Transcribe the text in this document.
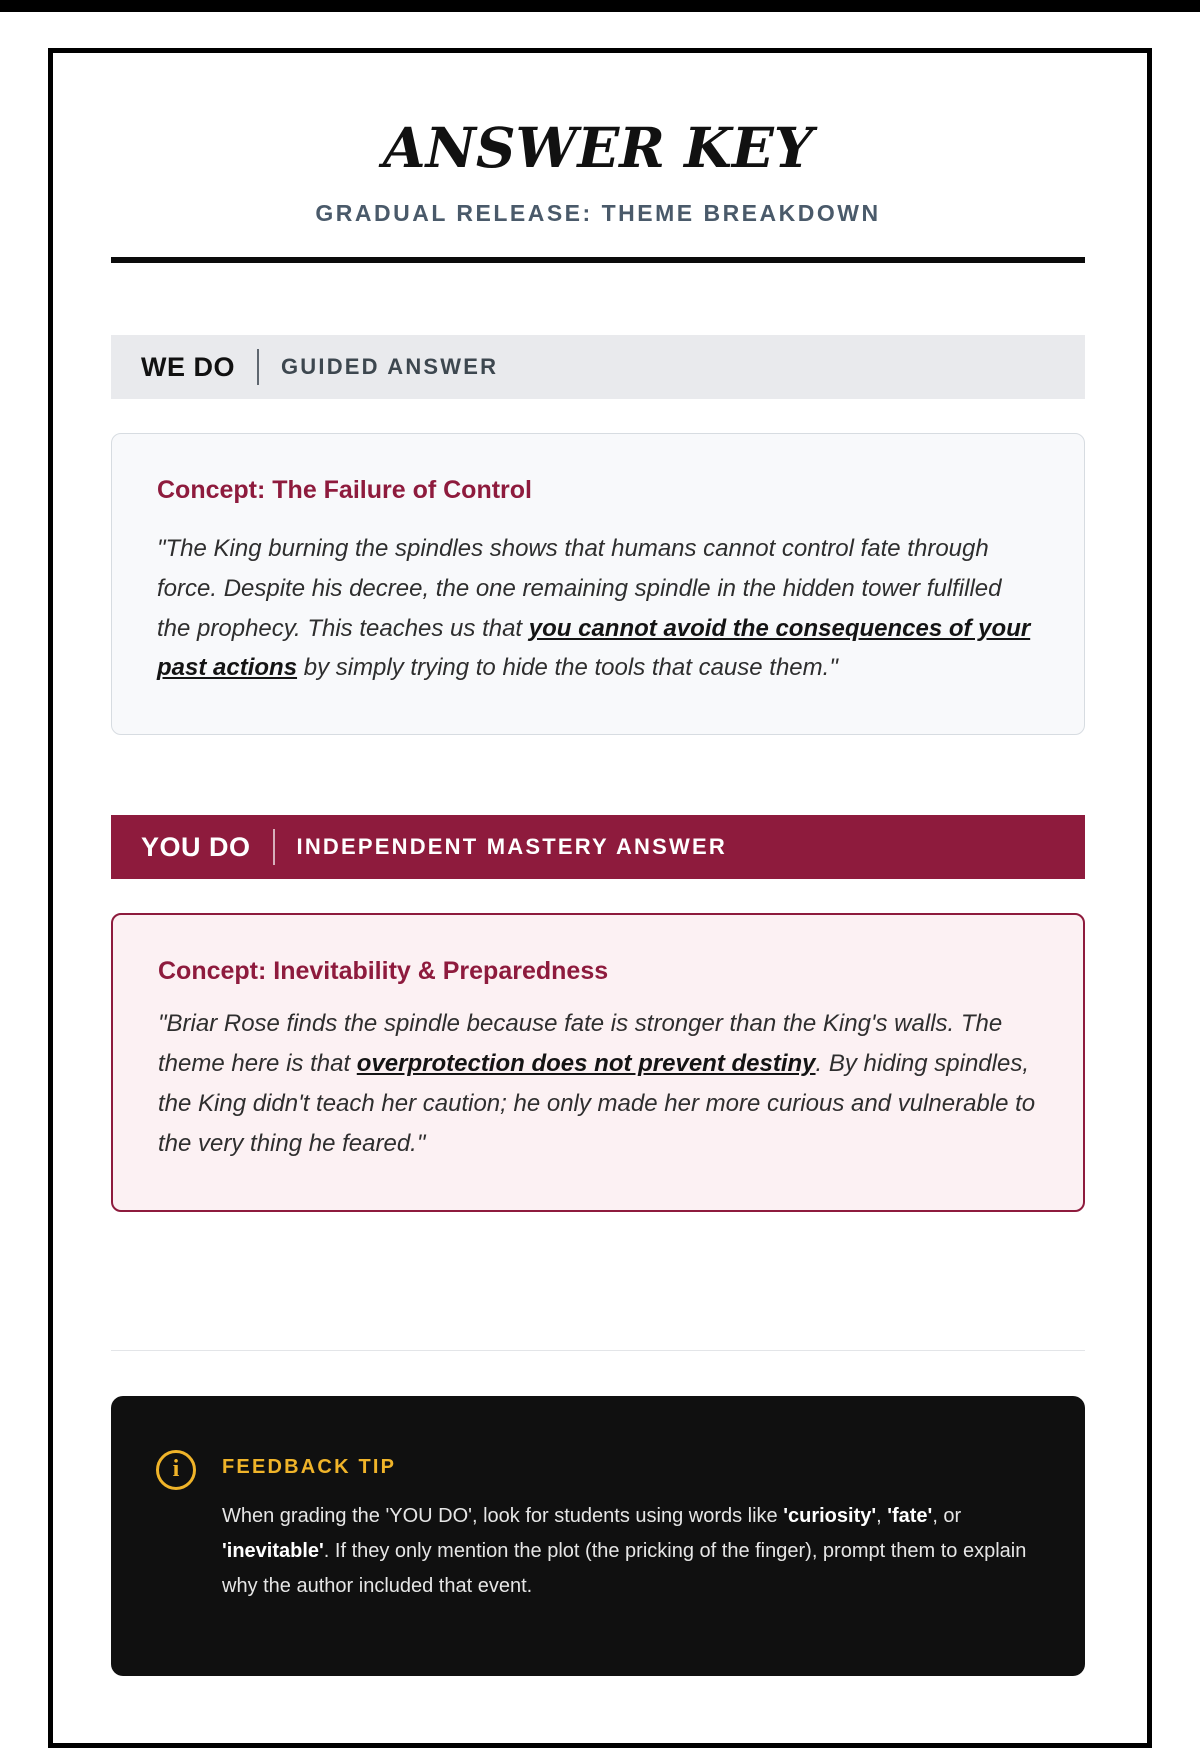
ANSWER KEY
GRADUAL RELEASE: THEME BREAKDOWN
WE DO GUIDED ANSWER
Concept: The Failure of Control

"The King burning the spindles shows that humans cannot control fate through force. Despite his decree, the one remaining spindle in the hidden tower fulfilled the prophecy. This teaches us that you cannot avoid the consequences of your past actions by simply trying to hide the tools that cause them."

YOU DO INDEPENDENT MASTERY ANSWER
Concept: Inevitability & Preparedness

"Briar Rose finds the spindle because fate is stronger than the King's walls. The theme here is that overprotection does not prevent destiny. By hiding spindles, the King didn't teach her caution; he only made her more curious and vulnerable to the very thing he feared."

i	FEEDBACK TIP

When grading the 'YOU DO', look for students using words like 'curiosity', 'fate', or 'inevitable'. If they only mention the plot (the pricking of the finger), prompt them to explain why the author included that event.
